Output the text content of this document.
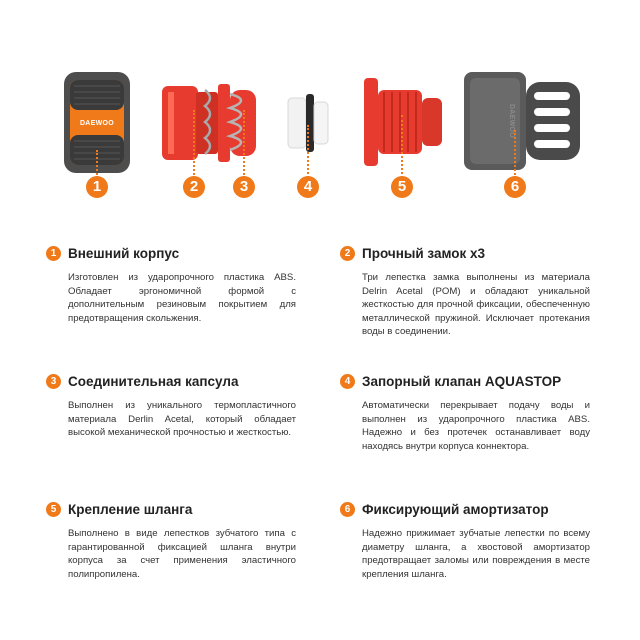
DAEWOO	DAEWOO
1	2	3	4	5	6
1 Внешний корпус
Изготовлен из ударопрочного пластика ABS. Обладает эргономичной формой с дополнительным резиновым покрытием для предотвращения скольжения.
2 Прочный замок х3
Три лепестка замка выполнены из материала Delrin Acetal (POM) и обладают уникальной жесткостью для прочной фиксации, обеспеченную металлической пружиной. Исключает протекания воды в соединении.
3 Соединительная капсула
Выполнен из уникального термопластичного материала Derlin Acetal, который обладает высокой механической прочностью и жесткостью.
4 Запорный клапан AQUASTOP
Автоматически перекрывает подачу воды и выполнен из ударопрочного пластика ABS. Надежно и без протечек останавливает воду находясь внутри корпуса коннектора.
5 Крепление шланга
Выполнено в виде лепестков зубчатого типа с гарантированной фиксацией шланга внутри корпуса за счет применения эластичного полипропилена.
6 Фиксирующий амортизатор
Надежно прижимает зубчатые лепестки по всему диаметру шланга, а хвостовой амортизатор предотвращает заломы или повреждения в месте крепления шланга.
